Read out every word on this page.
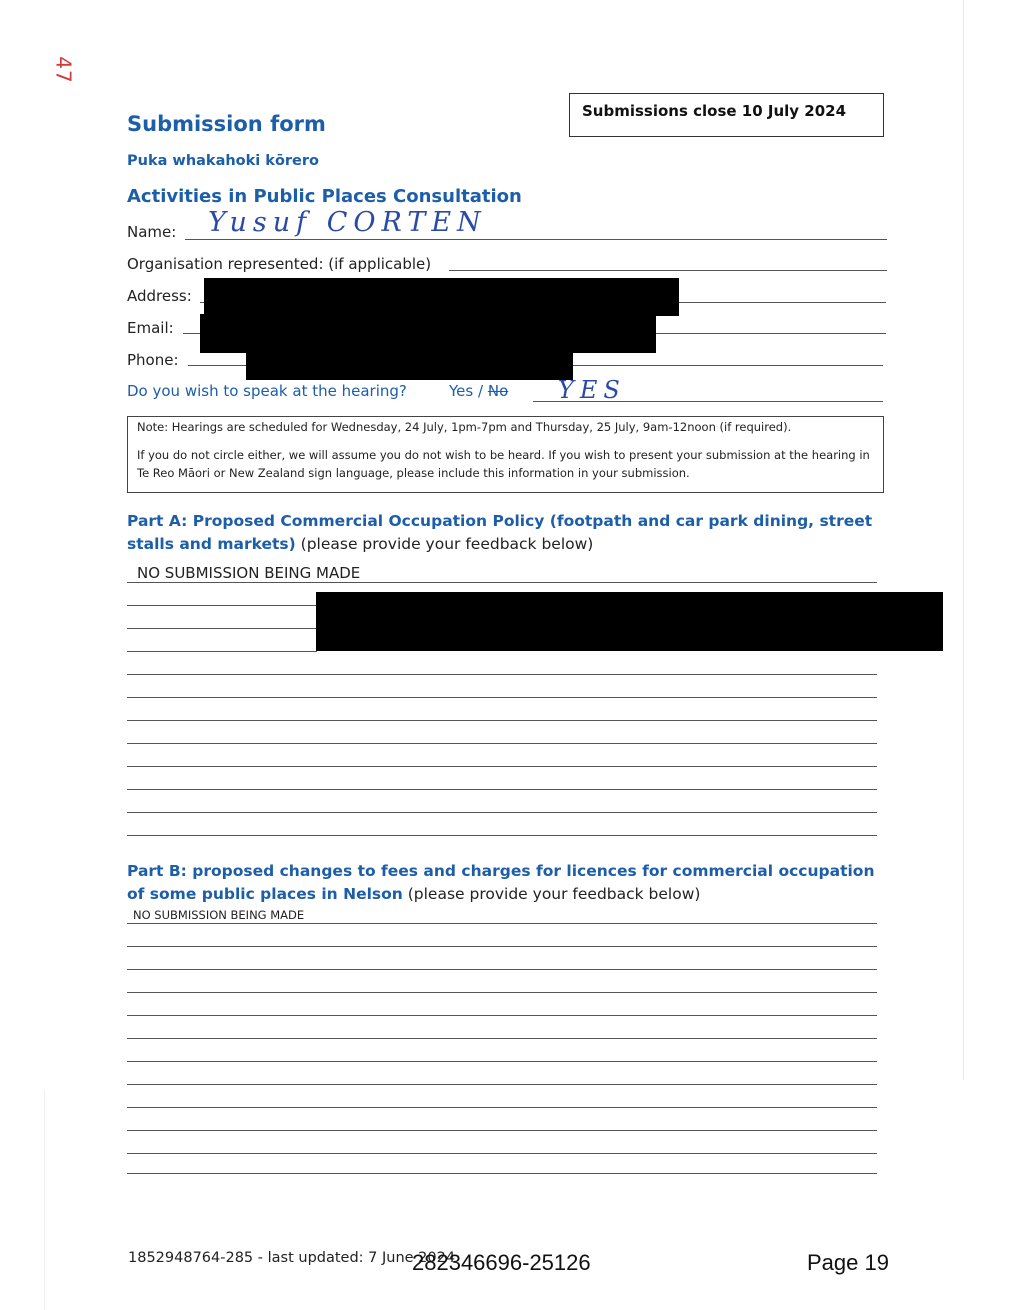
47
Submission form
Puka whakahoki kōrero
Activities in Public Places Consultation
Submissions close 10 July 2024
Name: Yusuf CORTEN
Organisation represented: (if applicable)
Address:
Email:
Phone:
Do you wish to speak at the hearing?	Yes / No YES
Note: Hearings are scheduled for Wednesday, 24 July, 1pm-7pm and Thursday, 25 July, 9am-12noon (if required).
If you do not circle either, we will assume you do not wish to be heard. If you wish to present your submission at the hearing in Te Reo Māori or New Zealand sign language, please include this information in your submission.
Part A: Proposed Commercial Occupation Policy (footpath and car park dining, street stalls and markets) (please provide your feedback below)
NO SUBMISSION BEING MADE
Part B: proposed changes to fees and charges for licences for commercial occupation of some public places in Nelson (please provide your feedback below)
NO SUBMISSION BEING MADE
1852948764-285 - last updated: 7 June 2024
282346696-25126	Page 19
